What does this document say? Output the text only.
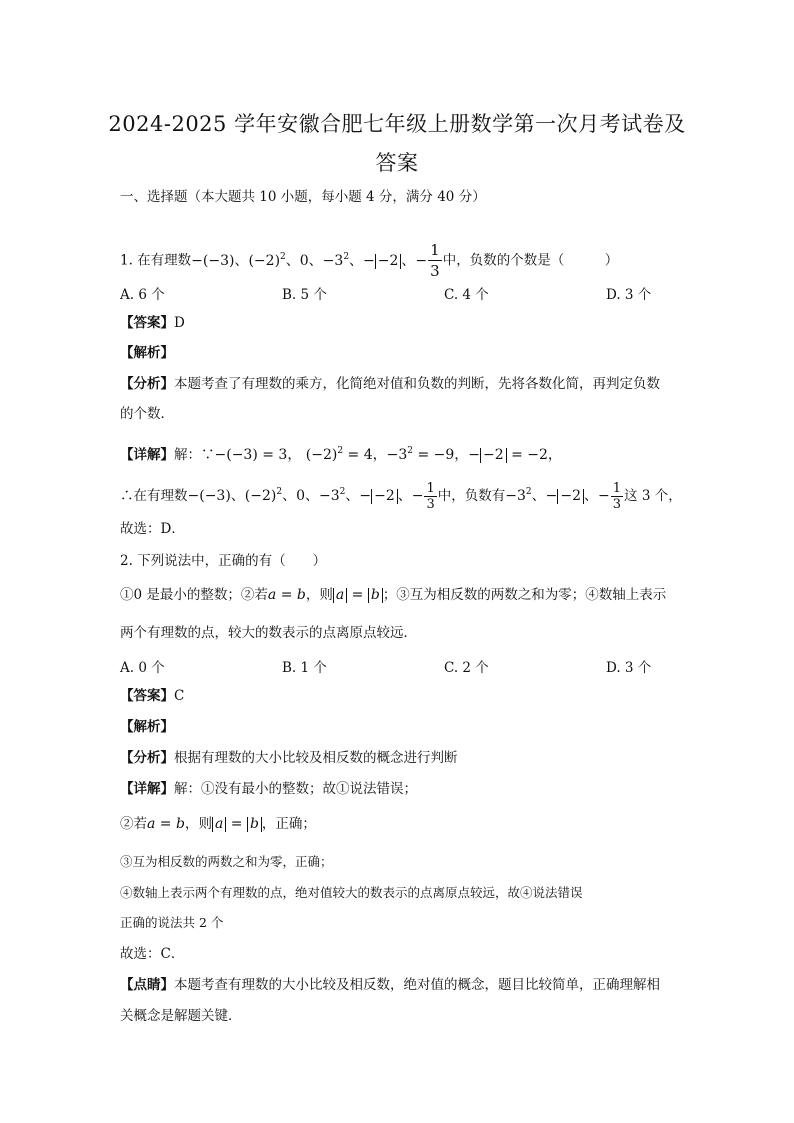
2024-2025 学年安徽合肥七年级上册数学第一次月考试卷及
答案
一、选择题（本大题共 10 小题，每小题 4 分，满分 40 分）
1. 在有理数−(−3)、$(-2)^2$、0、$-3^2$、− −2 、− $\frac{1}{3}$ 中，负数的个数是（　　　）
A. 6 个	B. 5 个	C. 4 个	D. 3 个
【答案】D
【解析】
【分析】本题考查了有理数的乘方，化简绝对值和负数的判断，先将各数化简，再判定负数
的个数．
【详解】解：∵−(−3) = 3， $(-2)^2 = 4$，$-3^2 = -9$，− −2 = −2，
∴在有理数−(−3)、$(-2)^2$、0、$-3^2$、− −2 、− $\frac{1}{3}$ 中，负数有$-3^2$、− −2 、− $\frac{1}{3}$ 这 3 个，
故选：D．
2. 下列说法中，正确的有（　　）
①0 是最小的整数；②若a = b，则 a = b ；③互为相反数的两数之和为零；④数轴上表示
两个有理数的点，较大的数表示的点离原点较远．
A. 0 个	B. 1 个	C. 2 个	D. 3 个
【答案】C
【解析】
【分析】根据有理数的大小比较及相反数的概念进行判断
【详解】解：①没有最小的整数；故①说法错误；
②若a = b，则 a = b ，正确；
③互为相反数的两数之和为零，正确；
④数轴上表示两个有理数的点，绝对值较大的数表示的点离原点较远，故④说法错误
正确的说法共 2 个
故选：C．
【点睛】本题考查有理数的大小比较及相反数，绝对值的概念，题目比较简单，正确理解相
关概念是解题关键．
